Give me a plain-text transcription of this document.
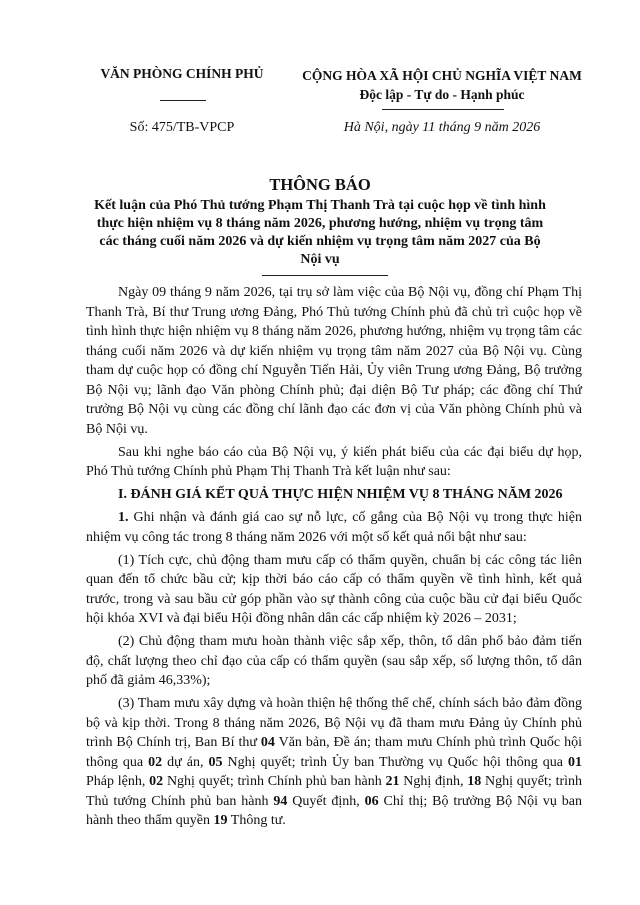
VĂN PHÒNG CHÍNH PHỦ	CỘNG HÒA XÃ HỘI CHỦ NGHĨA VIỆT NAM
Độc lập - Tự do - Hạnh phúc
Số: 475/TB-VPCP	Hà Nội, ngày 11 tháng 9 năm 2026
THÔNG BÁO
Kết luận của Phó Thủ tướng Phạm Thị Thanh Trà tại cuộc họp về tình hình thực hiện nhiệm vụ 8 tháng năm 2026, phương hướng, nhiệm vụ trọng tâm các tháng cuối năm 2026 và dự kiến nhiệm vụ trọng tâm năm 2027 của Bộ Nội vụ

Ngày 09 tháng 9 năm 2026, tại trụ sở làm việc của Bộ Nội vụ, đồng chí Phạm Thị Thanh Trà, Bí thư Trung ương Đảng, Phó Thủ tướng Chính phủ đã chủ trì cuộc họp về tình hình thực hiện nhiệm vụ 8 tháng năm 2026, phương hướng, nhiệm vụ trọng tâm các tháng cuối năm 2026 và dự kiến nhiệm vụ trọng tâm năm 2027 của Bộ Nội vụ. Cùng tham dự cuộc họp có đồng chí Nguyễn Tiến Hải, Ủy viên Trung ương Đảng, Bộ trưởng Bộ Nội vụ; lãnh đạo Văn phòng Chính phủ; đại diện Bộ Tư pháp; các đồng chí Thứ trưởng Bộ Nội vụ cùng các đồng chí lãnh đạo các đơn vị của Văn phòng Chính phủ và Bộ Nội vụ.

Sau khi nghe báo cáo của Bộ Nội vụ, ý kiến phát biểu của các đại biểu dự họp, Phó Thủ tướng Chính phủ Phạm Thị Thanh Trà kết luận như sau:

I. ĐÁNH GIÁ KẾT QUẢ THỰC HIỆN NHIỆM VỤ 8 THÁNG NĂM 2026

1. Ghi nhận và đánh giá cao sự nỗ lực, cố gắng của Bộ Nội vụ trong thực hiện nhiệm vụ công tác trong 8 tháng năm 2026 với một số kết quả nổi bật như sau:

(1) Tích cực, chủ động tham mưu cấp có thẩm quyền, chuẩn bị các công tác liên quan đến tổ chức bầu cử; kịp thời báo cáo cấp có thẩm quyền về tình hình, kết quả trước, trong và sau bầu cử góp phần vào sự thành công của cuộc bầu cử đại biểu Quốc hội khóa XVI và đại biểu Hội đồng nhân dân các cấp nhiệm kỳ 2026 – 2031;

(2) Chủ động tham mưu hoàn thành việc sắp xếp, thôn, tổ dân phố bảo đảm tiến độ, chất lượng theo chỉ đạo của cấp có thẩm quyền (sau sắp xếp, số lượng thôn, tổ dân phố đã giảm 46,33%);

(3) Tham mưu xây dựng và hoàn thiện hệ thống thể chế, chính sách bảo đảm đồng bộ và kịp thời. Trong 8 tháng năm 2026, Bộ Nội vụ đã tham mưu Đảng ủy Chính phủ trình Bộ Chính trị, Ban Bí thư 04 Văn bản, Đề án; tham mưu Chính phủ trình Quốc hội thông qua 02 dự án, 05 Nghị quyết; trình Ủy ban Thường vụ Quốc hội thông qua 01 Pháp lệnh, 02 Nghị quyết; trình Chính phủ ban hành 21 Nghị định, 18 Nghị quyết; trình Thủ tướng Chính phủ ban hành 94 Quyết định, 06 Chỉ thị; Bộ trưởng Bộ Nội vụ ban hành theo thẩm quyền 19 Thông tư.
